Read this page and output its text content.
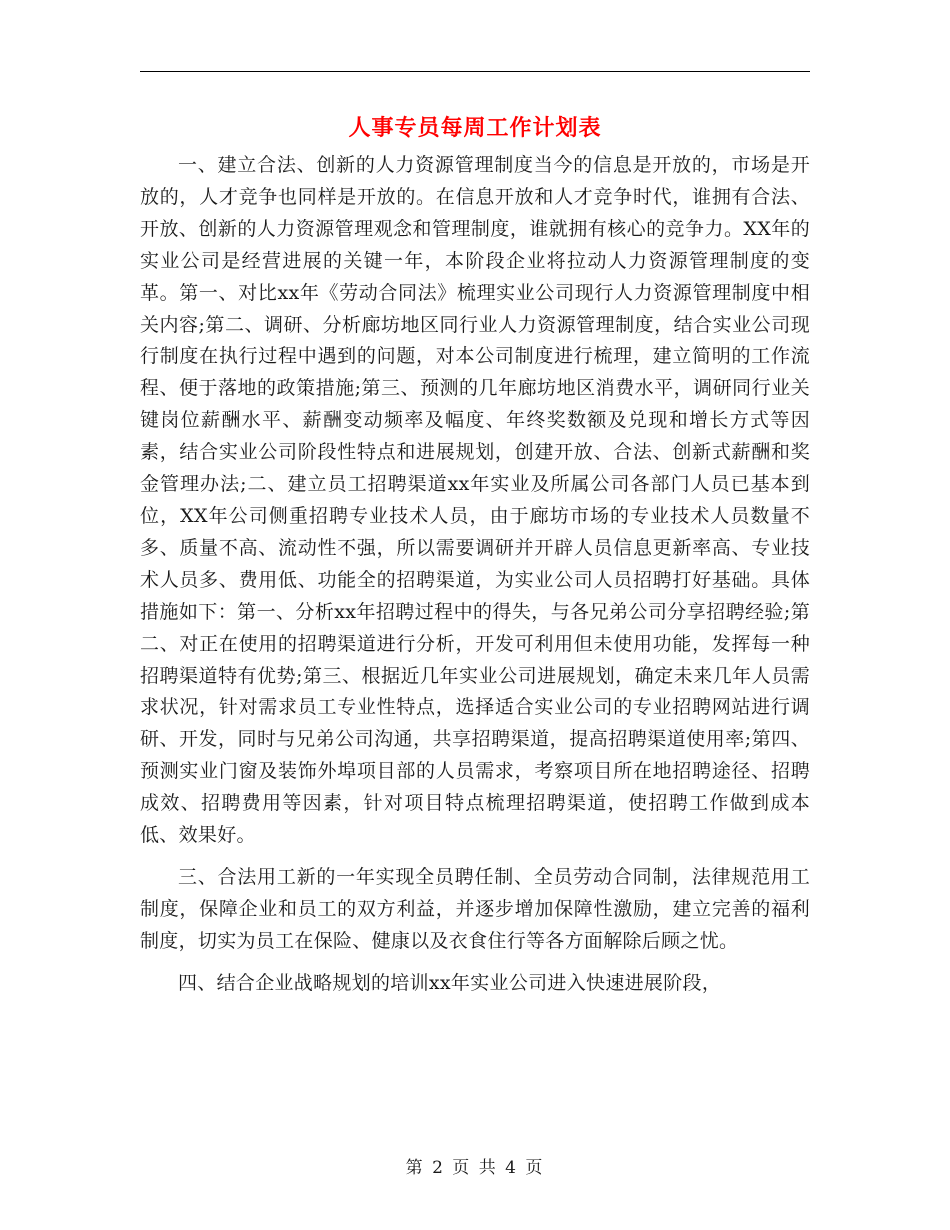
人事专员每周工作计划表

一、建立合法、创新的人力资源管理制度当今的信息是开放的，市场是开放的，人才竞争也同样是开放的。在信息开放和人才竞争时代，谁拥有合法、开放、创新的人力资源管理观念和管理制度，谁就拥有核心的竞争力。XX年的实业公司是经营进展的关键一年，本阶段企业将拉动人力资源管理制度的变革。第一、对比xx年《劳动合同法》梳理实业公司现行人力资源管理制度中相关内容;第二、调研、分析廊坊地区同行业人力资源管理制度，结合实业公司现行制度在执行过程中遇到的问题，对本公司制度进行梳理，建立简明的工作流程、便于落地的政策措施;第三、预测的几年廊坊地区消费水平，调研同行业关键岗位薪酬水平、薪酬变动频率及幅度、年终奖数额及兑现和增长方式等因素，结合实业公司阶段性特点和进展规划，创建开放、合法、创新式薪酬和奖金管理办法;二、建立员工招聘渠道xx年实业及所属公司各部门人员已基本到位，XX年公司侧重招聘专业技术人员，由于廊坊市场的专业技术人员数量不多、质量不高、流动性不强，所以需要调研并开辟人员信息更新率高、专业技术人员多、费用低、功能全的招聘渠道，为实业公司人员招聘打好基础。具体措施如下：第一、分析xx年招聘过程中的得失，与各兄弟公司分享招聘经验;第二、对正在使用的招聘渠道进行分析，开发可利用但未使用功能，发挥每一种招聘渠道特有优势;第三、根据近几年实业公司进展规划，确定未来几年人员需求状况，针对需求员工专业性特点，选择适合实业公司的专业招聘网站进行调研、开发，同时与兄弟公司沟通，共享招聘渠道，提高招聘渠道使用率;第四、预测实业门窗及装饰外埠项目部的人员需求，考察项目所在地招聘途径、招聘成效、招聘费用等因素，针对项目特点梳理招聘渠道，使招聘工作做到成本低、效果好。

三、合法用工新的一年实现全员聘任制、全员劳动合同制，法律规范用工制度，保障企业和员工的双方利益，并逐步增加保障性激励，建立完善的福利制度，切实为员工在保险、健康以及衣食住行等各方面解除后顾之忧。

四、结合企业战略规划的培训xx年实业公司进入快速进展阶段，

第 2 页 共 4 页
